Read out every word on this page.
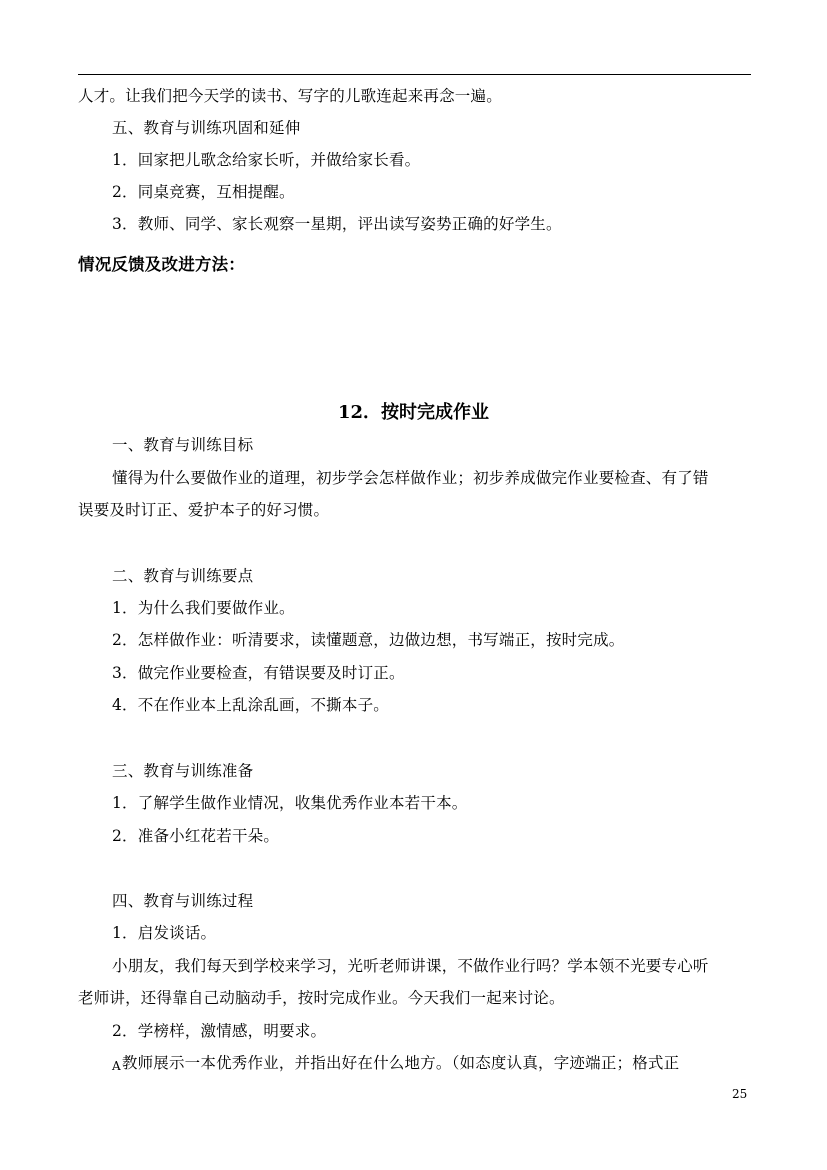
人才。让我们把今天学的读书、写字的儿歌连起来再念一遍。
五、教育与训练巩固和延伸
1．回家把儿歌念给家长听，并做给家长看。
2．同桌竞赛，互相提醒。
3．教师、同学、家长观察一星期，评出读写姿势正确的好学生。
情况反馈及改进方法：
12．按时完成作业
一、教育与训练目标
懂得为什么要做作业的道理，初步学会怎样做作业；初步养成做完作业要检查、有了错
误要及时订正、爱护本子的好习惯。
二、教育与训练要点
1．为什么我们要做作业。
2．怎样做作业：听清要求，读懂题意，边做边想，书写端正，按时完成。
3．做完作业要检查，有错误要及时订正。
4．不在作业本上乱涂乱画，不撕本子。
三、教育与训练准备
1．了解学生做作业情况，收集优秀作业本若干本。
2．准备小红花若干朵。
四、教育与训练过程
1．启发谈话。
小朋友，我们每天到学校来学习，光听老师讲课，不做作业行吗？学本领不光要专心听
老师讲，还得靠自己动脑动手，按时完成作业。今天我们一起来讨论。
2．学榜样，激情感，明要求。
A教师展示一本优秀作业，并指出好在什么地方。（如态度认真，字迹端正；格式正
25
